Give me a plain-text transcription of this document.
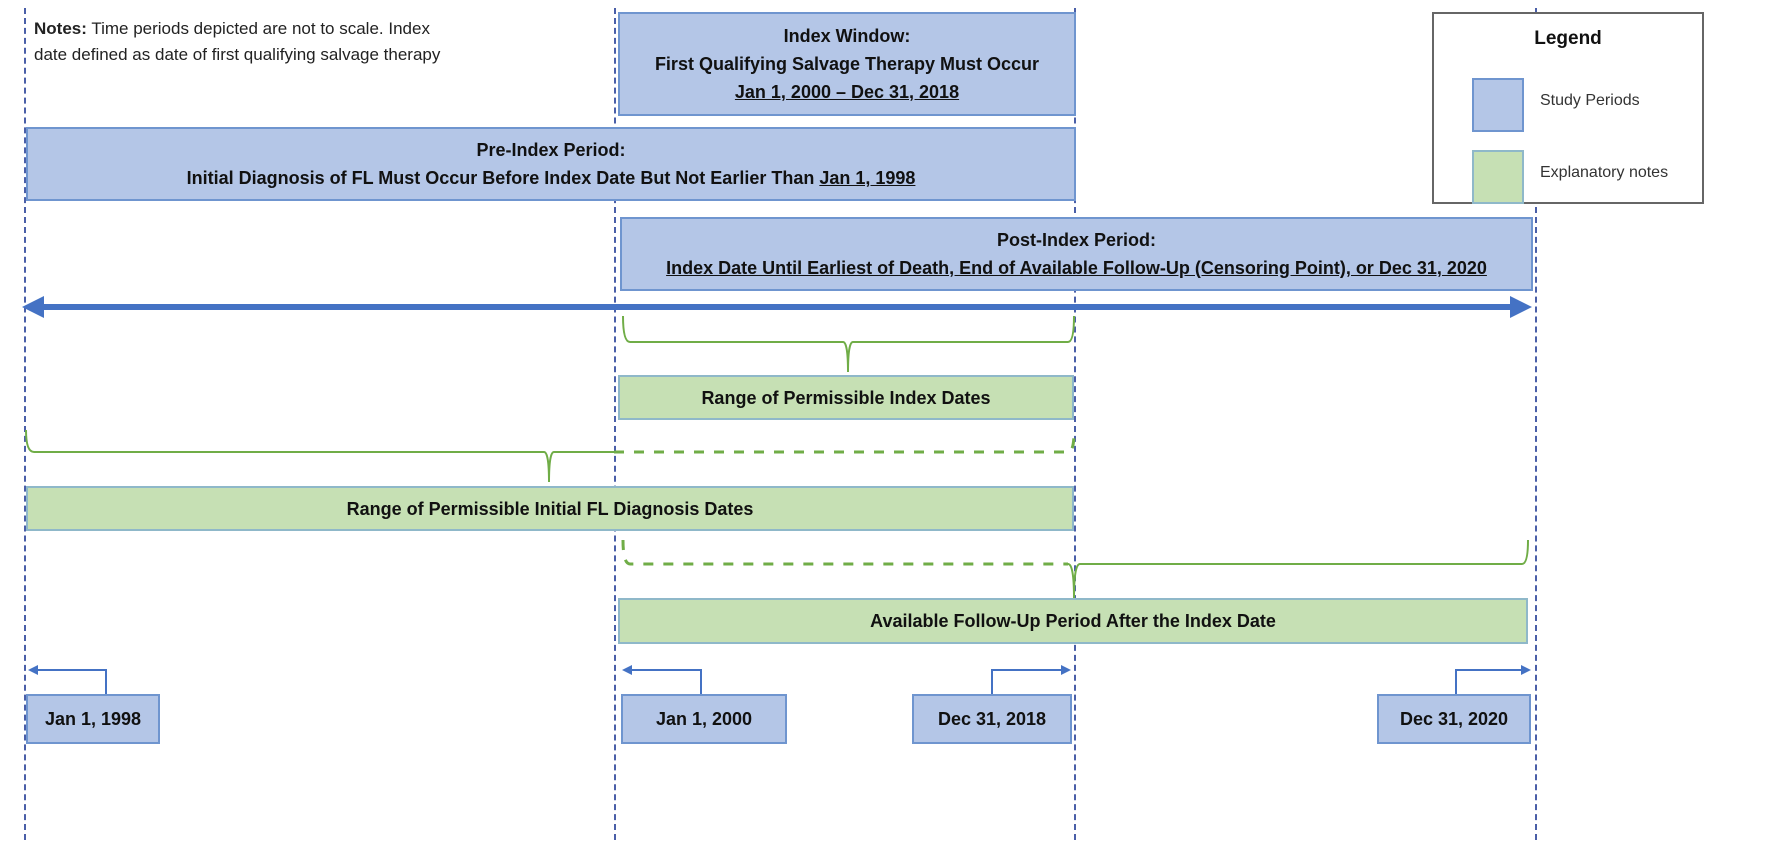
Notes: Time periods depicted are not to scale. Index
date defined as date of first qualifying salvage therapy
Legend
Study Periods
Explanatory notes
Index Window:
First Qualifying Salvage Therapy Must Occur
Jan 1, 2000 – Dec 31, 2018
Pre-Index Period:
Initial Diagnosis of FL Must Occur Before Index Date But Not Earlier Than Jan 1, 1998
Post-Index Period:
Index Date Until Earliest of Death, End of Available Follow-Up (Censoring Point), or Dec 31, 2020
Range of Permissible Index Dates
Range of Permissible Initial FL Diagnosis Dates
Available Follow-Up Period After the Index Date
Jan 1, 1998	Jan 1, 2000	Dec 31, 2018	Dec 31, 2020
